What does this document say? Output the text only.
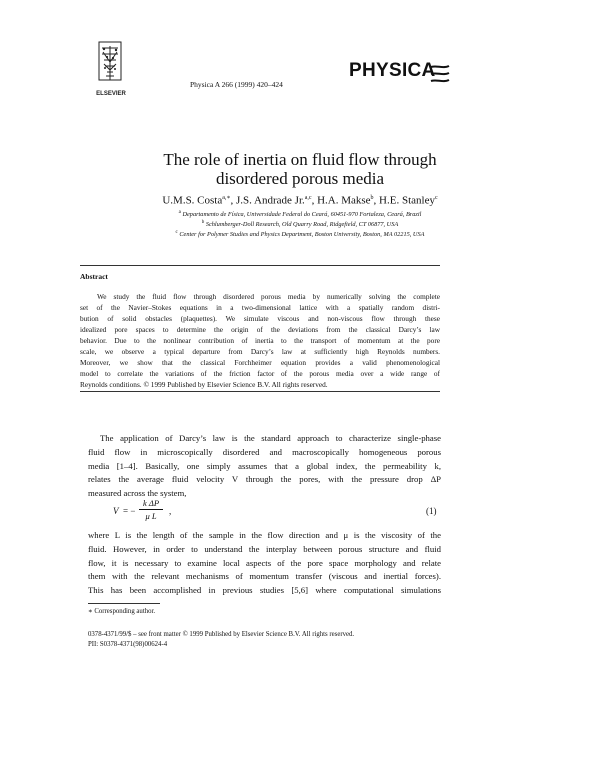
ELSEVIER
Physica A 266 (1999) 420–424
PHYSICA
The role of inertia on fluid flow through
disordered porous media
U.M.S. Costa$^{a,∗}$, J.S. Andrade Jr.$^{a,c}$, H.A. Makse$^b$, H.E. Stanley$^c$
$^a$ Departamento de Física, Universidade Federal do Ceará, 60451-970 Fortaleza, Ceará, Brazil
$^b$ Schlumberger-Doll Research, Old Quarry Road, Ridgefield, CT 06877, USA
$^c$ Center for Polymer Studies and Physics Department, Boston University, Boston, MA 02215, USA
Abstract
We study the fluid flow through disordered porous media by numerically solving the complete
set of the Navier–Stokes equations in a two-dimensional lattice with a spatially random distri-
bution of solid obstacles (plaquettes). We simulate viscous and non-viscous flow through these
idealized pore spaces to determine the origin of the deviations from the classical Darcy’s law
behavior. Due to the nonlinear contribution of inertia to the transport of momentum at the pore
scale, we observe a typical departure from Darcy’s law at sufficiently high Reynolds numbers.
Moreover, we show that the classical Forchheimer equation provides a valid phenomenological
model to correlate the variations of the friction factor of the porous media over a wide range of
Reynolds conditions. © 1999 Published by Elsevier Science B.V. All rights reserved.
The application of Darcy’s law is the standard approach to characterize single-phase
fluid flow in microscopically disordered and macroscopically homogeneous porous
media [1–4]. Basically, one simply assumes that a global index, the permeability k,
relates the average fluid velocity V through the pores, with the pressure drop ΔP
measured across the system,
V = −
k ΔP
μ L	,	(1)
where L is the length of the sample in the flow direction and μ is the viscosity of the
fluid. However, in order to understand the interplay between porous structure and fluid
flow, it is necessary to examine local aspects of the pore space morphology and relate
them with the relevant mechanisms of momentum transfer (viscous and inertial forces).
This has been accomplished in previous studies [5,6] where computational simulations
∗ Corresponding author.
0378-4371/99/$ – see front matter © 1999 Published by Elsevier Science B.V. All rights reserved.
PII: S0378-4371(98)00624-4
